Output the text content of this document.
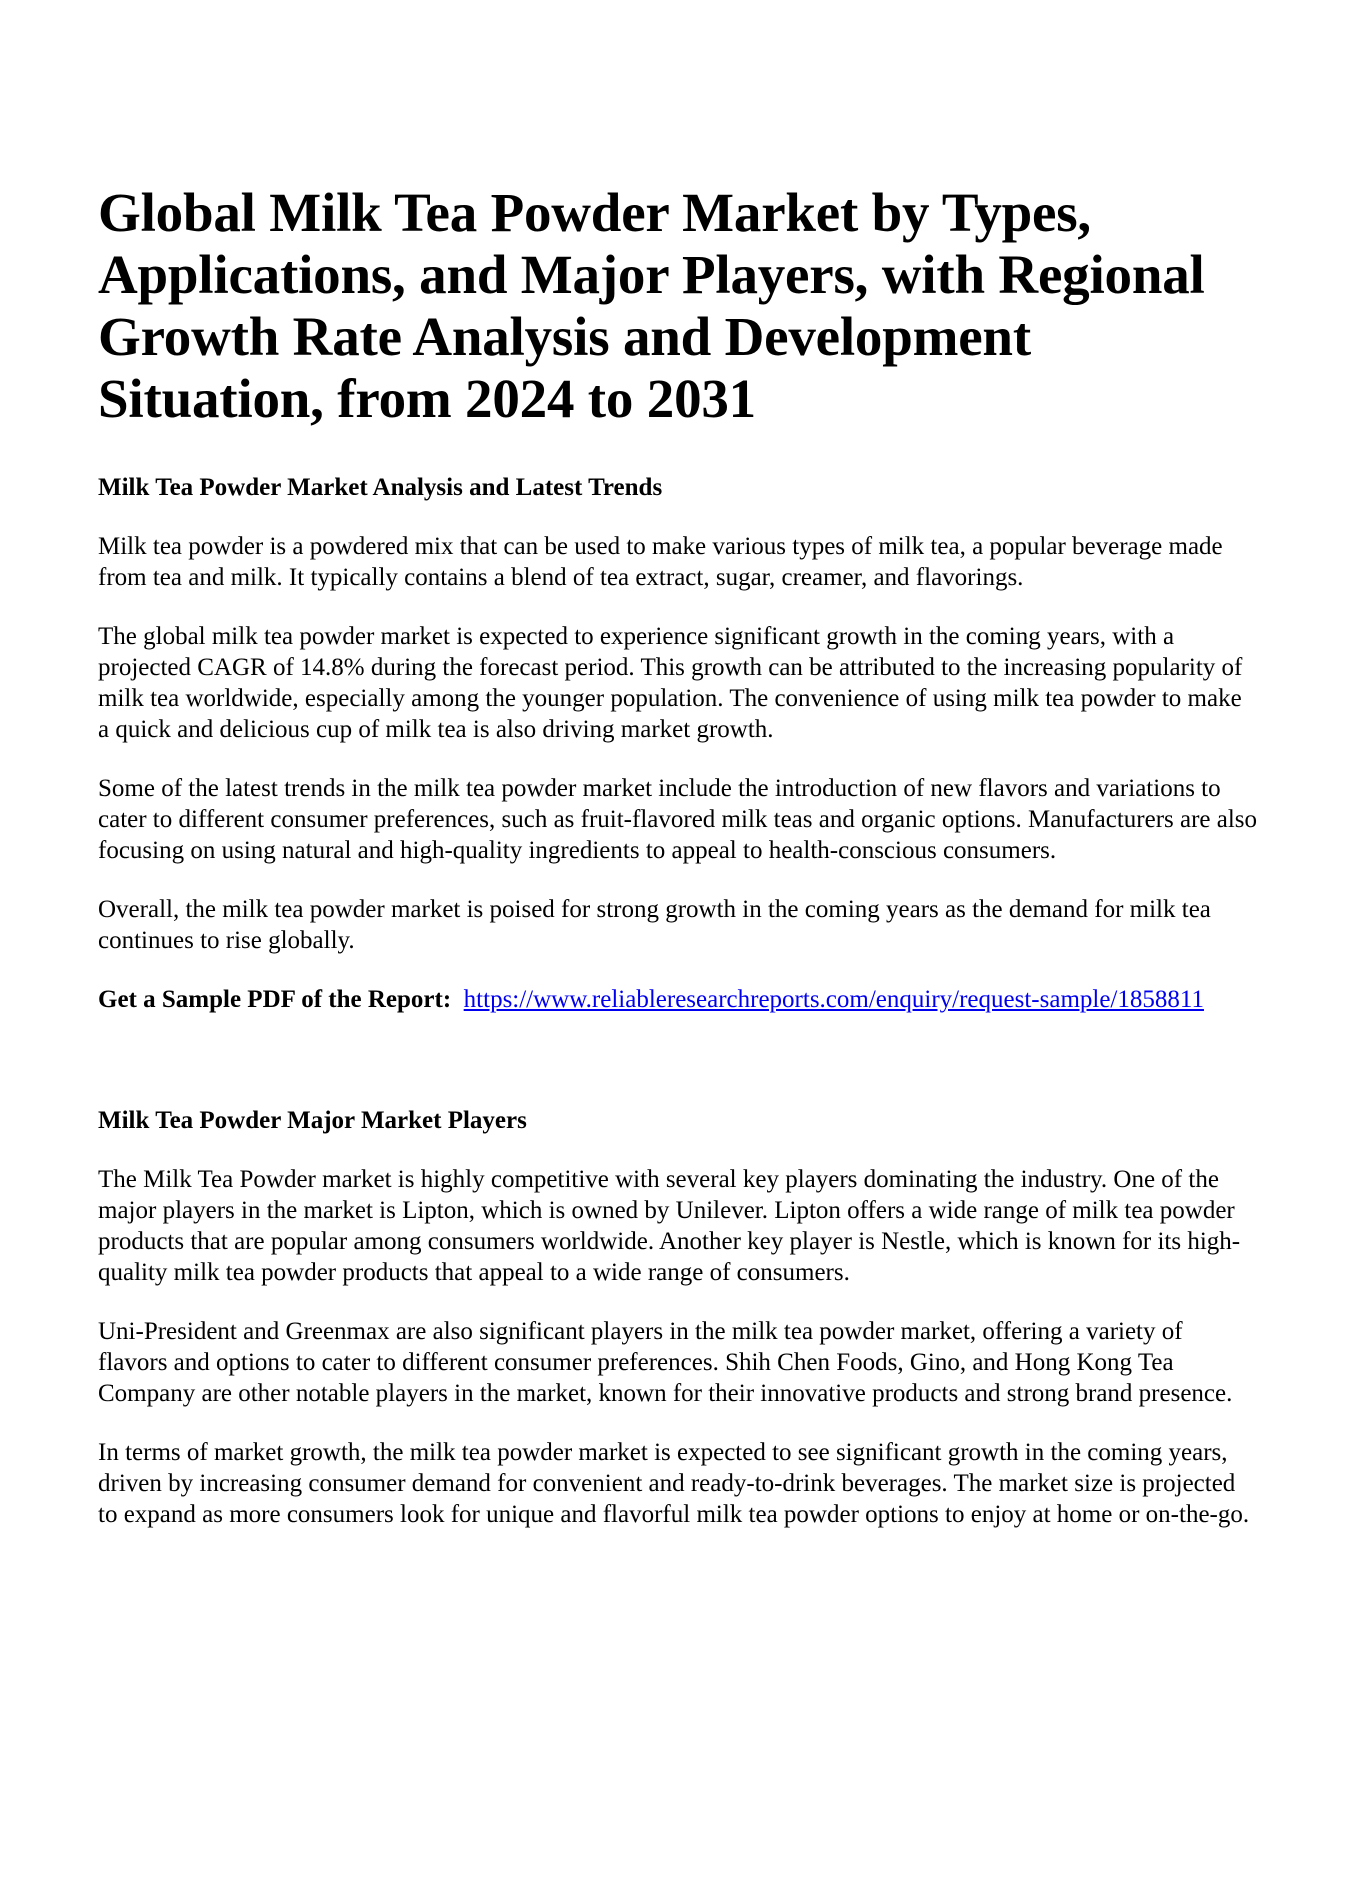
Global Milk Tea Powder Market by Types, Applications, and Major Players, with Regional Growth Rate Analysis and Development Situation, from 2024 to 2031
Milk Tea Powder Market Analysis and Latest Trends

Milk tea powder is a powdered mix that can be used to make various types of milk tea, a popular beverage made from tea and milk. It typically contains a blend of tea extract, sugar, creamer, and flavorings.

The global milk tea powder market is expected to experience significant growth in the coming years, with a projected CAGR of 14.8% during the forecast period. This growth can be attributed to the increasing popularity of milk tea worldwide, especially among the younger population. The convenience of using milk tea powder to make a quick and delicious cup of milk tea is also driving market growth.

Some of the latest trends in the milk tea powder market include the introduction of new flavors and variations to cater to different consumer preferences, such as fruit-flavored milk teas and organic options. Manufacturers are also focusing on using natural and high-quality ingredients to appeal to health-conscious consumers.

Overall, the milk tea powder market is poised for strong growth in the coming years as the demand for milk tea continues to rise globally.

Get a Sample PDF of the Report: https://www.reliableresearchreports.com/enquiry/request-sample/1858811

Milk Tea Powder Major Market Players

The Milk Tea Powder market is highly competitive with several key players dominating the industry. One of the major players in the market is Lipton, which is owned by Unilever. Lipton offers a wide range of milk tea powder products that are popular among consumers worldwide. Another key player is Nestle, which is known for its high-quality milk tea powder products that appeal to a wide range of consumers.

Uni-President and Greenmax are also significant players in the milk tea powder market, offering a variety of flavors and options to cater to different consumer preferences. Shih Chen Foods, Gino, and Hong Kong Tea Company are other notable players in the market, known for their innovative products and strong brand presence.

In terms of market growth, the milk tea powder market is expected to see significant growth in the coming years, driven by increasing consumer demand for convenient and ready-to-drink beverages. The market size is projected to expand as more consumers look for unique and flavorful milk tea powder options to enjoy at home or on-the-go.
